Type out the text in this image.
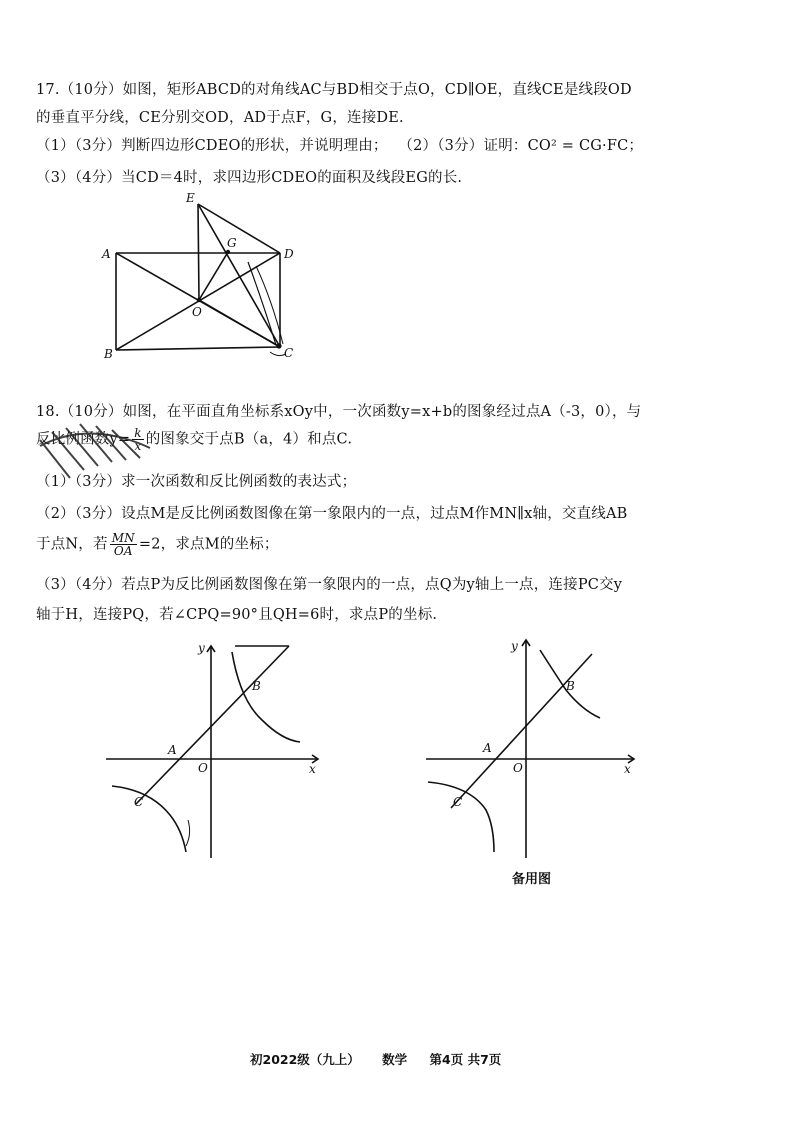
17.（10分）如图，矩形ABCD的对角线AC与BD相交于点O，CD∥OE，直线CE是线段OD
的垂直平分线，CE分别交OD，AD于点F，G，连接DE.
（1）（3分）判断四边形CDEO的形状，并说明理由； （2）（3分）证明：CO² = CG·FC；
（3）（4分）当CD＝4时，求四边形CDEO的面积及线段EG的长.
E
G
D
A
O
B	C
18.（10分）如图，在平面直角坐标系xOy中，一次函数y=x+b的图象经过点A（-3，0），与
反比例函数$y= \frac{k}{x}$ 的图象交于点B（a，4）和点C.
（1）（3分）求一次函数和反比例函数的表达式；
（2）（3分）设点M是反比例函数图像在第一象限内的一点，过点M作MN∥x轴，交直线AB
于点N，若 $\frac{MN}{OA} =2$，求点M的坐标；
（3）（4分）若点P为反比例函数图像在第一象限内的一点，点Q为y轴上一点，连接PC交y
轴于H，连接PQ，若∠CPQ=90°且QH=6时，求点P的坐标.
y
x
O
A
B
C
y
x
O
A
B
C
备用图
初2022级（九上） 数学 第4页 共7页
